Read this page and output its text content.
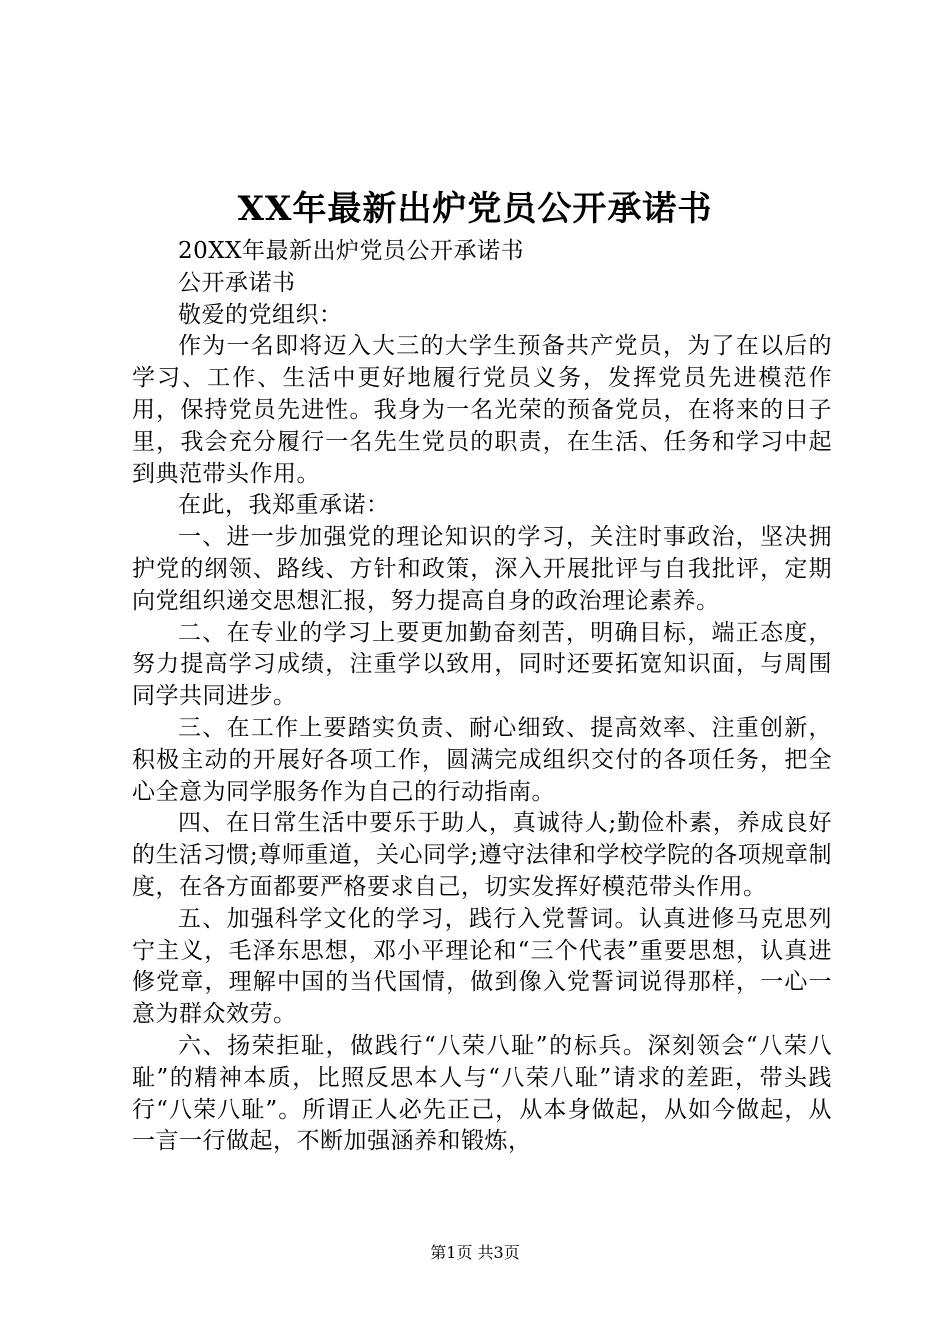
XX年最新出炉党员公开承诺书

20XX年最新出炉党员公开承诺书

公开承诺书

敬爱的党组织：

作为一名即将迈入大三的大学生预备共产党员，为了在以后的学习、工作、生活中更好地履行党员义务，发挥党员先进模范作用，保持党员先进性。我身为一名光荣的预备党员，在将来的日子里，我会充分履行一名先生党员的职责，在生活、任务和学习中起到典范带头作用。

在此，我郑重承诺：

一、进一步加强党的理论知识的学习，关注时事政治，坚决拥护党的纲领、路线、方针和政策，深入开展批评与自我批评，定期向党组织递交思想汇报，努力提高自身的政治理论素养。

二、在专业的学习上要更加勤奋刻苦，明确目标，端正态度，努力提高学习成绩，注重学以致用，同时还要拓宽知识面，与周围同学共同进步。

三、在工作上要踏实负责、耐心细致、提高效率、注重创新，积极主动的开展好各项工作，圆满完成组织交付的各项任务，把全心全意为同学服务作为自己的行动指南。

四、在日常生活中要乐于助人，真诚待人;勤俭朴素，养成良好的生活习惯;尊师重道，关心同学;遵守法律和学校学院的各项规章制度，在各方面都要严格要求自己，切实发挥好模范带头作用。

五、加强科学文化的学习，践行入党誓词。认真进修马克思列宁主义，毛泽东思想，邓小平理论和“三个代表”重要思想，认真进修党章，理解中国的当代国情，做到像入党誓词说得那样，一心一意为群众效劳。

六、扬荣拒耻，做践行“八荣八耻”的标兵。深刻领会“八荣八耻”的精神本质，比照反思本人与“八荣八耻”请求的差距，带头践行“八荣八耻”。所谓正人必先正己，从本身做起，从如今做起，从一言一行做起，不断加强涵养和锻炼，

第1页 共3页
